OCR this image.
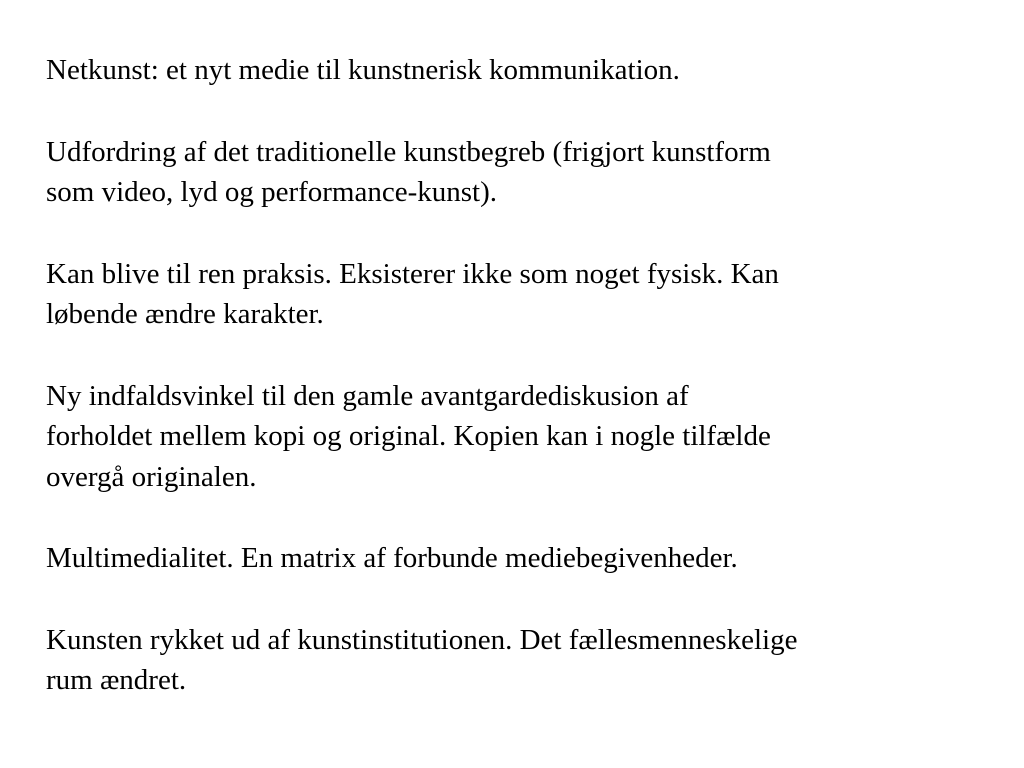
Netkunst: et nyt medie til kunstnerisk kommunikation.

Udfordring af det traditionelle kunstbegreb (frigjort kunstform
som video, lyd og performance-kunst).

Kan blive til ren praksis. Eksisterer ikke som noget fysisk. Kan
løbende ændre karakter.

Ny indfaldsvinkel til den gamle avantgardediskusion af
forholdet mellem kopi og original. Kopien kan i nogle tilfælde
overgå originalen.

Multimedialitet. En matrix af forbunde mediebegivenheder.

Kunsten rykket ud af kunstinstitutionen. Det fællesmenneskelige
rum ændret.
